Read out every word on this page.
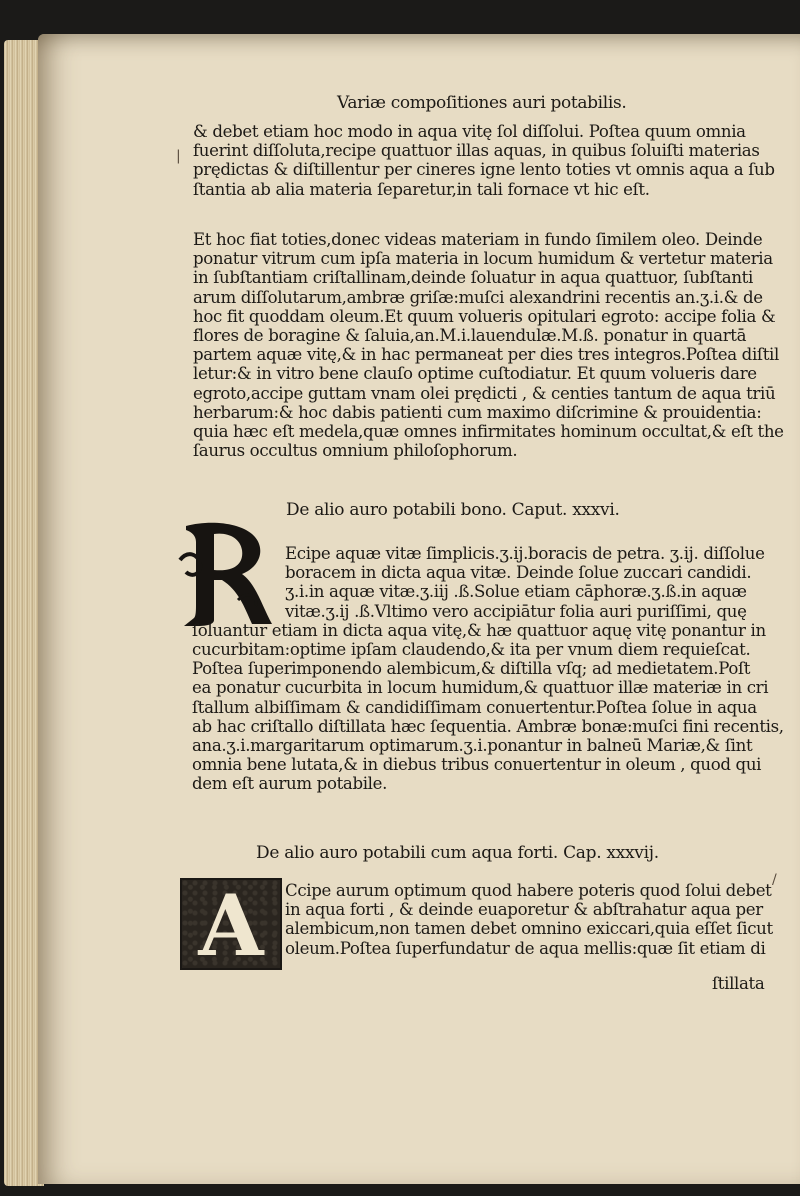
Variæ compoſitiones auri potabilis.
& debet etiam hoc modo in aqua vitę ſol diſſolui. Poſtea quum omnia
fuerint diſſoluta,recipe quattuor illas aquas, in quibus ſoluiſti materias
prędictas & diſtillentur per cineres igne lento toties vt omnis aqua a ſub
ſtantia ab alia materia ſeparetur,in tali fornace vt hic eſt.
Et hoc fiat toties,donec videas materiam in fundo ſimilem oleo. Deinde
ponatur vitrum cum ipſa materia in locum humidum & vertetur materia
in ſubſtantiam criſtallinam,deinde ſoluatur in aqua quattuor, ſubſtanti
arum diſſolutarum,ambræ griſæ:muſci alexandrini recentis an.ʒ.i.& de
hoc fit quoddam oleum.Et quum volueris opitulari egroto: accipe folia &
flores de boragine & ſaluia,an.M.i.lauendulæ.M.ß. ponatur in quartā
partem aquæ vitę,& in hac permaneat per dies tres integros.Poſtea diſtil
letur:& in vitro bene clauſo optime cuſtodiatur. Et quum volueris dare
egroto,accipe guttam vnam olei prędicti , & centies tantum de aqua triū
herbarum:& hoc dabis patienti cum maximo diſcrimine & prouidentia:
quia hæc eſt medela,quæ omnes infirmitates hominum occultat,& eſt the
ſaurus occultus omnium philoſophorum.
De alio auro potabili bono. Caput. xxxvi.
Ecipe aquæ vitæ ſimplicis.ʒ.ij.boracis de petra. ʒ.ij. diſſolue
boracem in dicta aqua vitæ. Deinde ſolue zuccari candidi.
ʒ.i.in aquæ vitæ.ʒ.iij .ß.Solue etiam cāphoræ.ʒ.ß.in aquæ
vitæ.ʒ.ij .ß.Vltimo vero accipiātur folia auri puriſſimi, quę
ſoluantur etiam in dicta aqua vitę,& hæ quattuor aquę vitę ponantur in
cucurbitam:optime ipſam claudendo,& ita per vnum diem requieſcat.
Poſtea ſuperimponendo alembicum,& diſtilla vſq; ad medietatem.Poſt
ea ponatur cucurbita in locum humidum,& quattuor illæ materiæ in cri
ſtallum albiſſimam & candidiſſimam conuertentur.Poſtea ſolue in aqua
ab hac criſtallo diſtillata hæc ſequentia. Ambræ bonæ:muſci fini recentis,
ana.ʒ.i.margaritarum optimarum.ʒ.i.ponantur in balneū Mariæ,& ſint
omnia bene lutata,& in diebus tribus conuertentur in oleum , quod qui
dem eſt aurum potabile.
De alio auro potabili cum aqua forti. Cap. xxxvij.
A	Ccipe aurum optimum quod habere poteris quod ſolui debet
in aqua forti , & deinde euaporetur & abſtrahatur aqua per
alembicum,non tamen debet omnino exiccari,quia eſſet ſicut
oleum.Poſtea ſuperfundatur de aqua mellis:quæ ſit etiam di
ſtillata
|
/
